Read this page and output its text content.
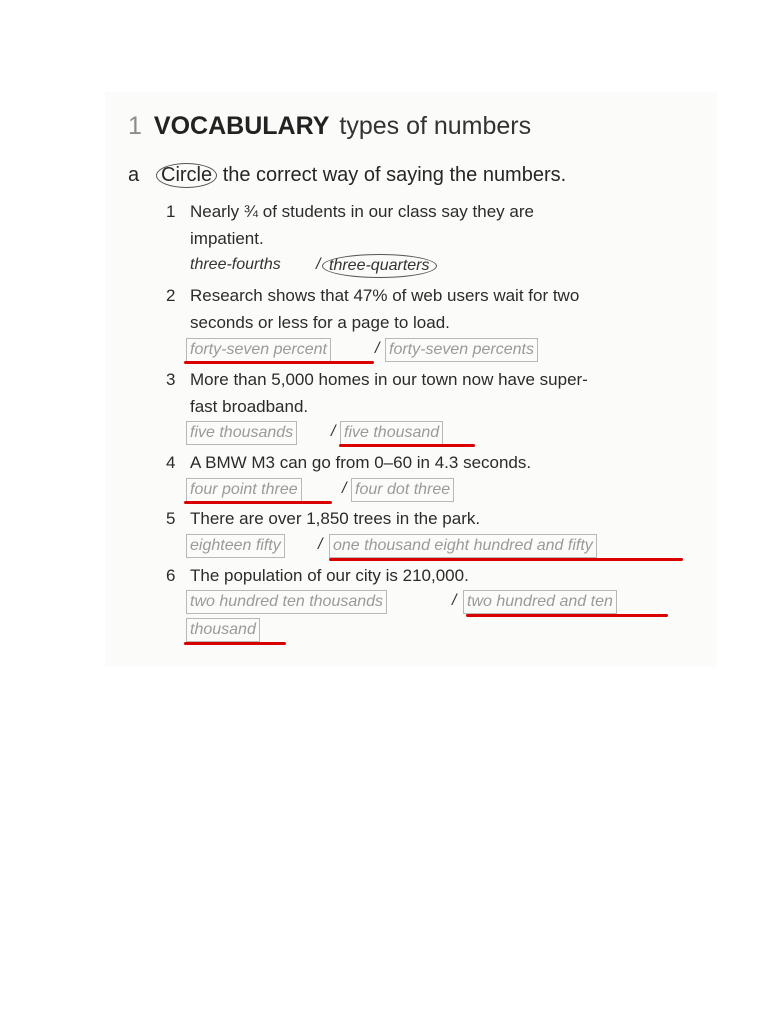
1 VOCABULARY types of numbers
a Circle the correct way of saying the numbers.
1 Nearly ¾ of students in our class say they are
impatient.
three-fourths / three-quarters
2 Research shows that 47% of web users wait for two
seconds or less for a page to load.
forty-seven percent	/ forty-seven percents
3 More than 5,000 homes in our town now have super-
fast broadband.
five thousands / five thousand
4 A BMW M3 can go from 0–60 in 4.3 seconds.
four point three	/ four dot three
5 There are over 1,850 trees in the park.
eighteen fifty / one thousand eight hundred and fifty
6 The population of our city is 210,000.
two hundred ten thousands	/ two hundred and ten
thousand
